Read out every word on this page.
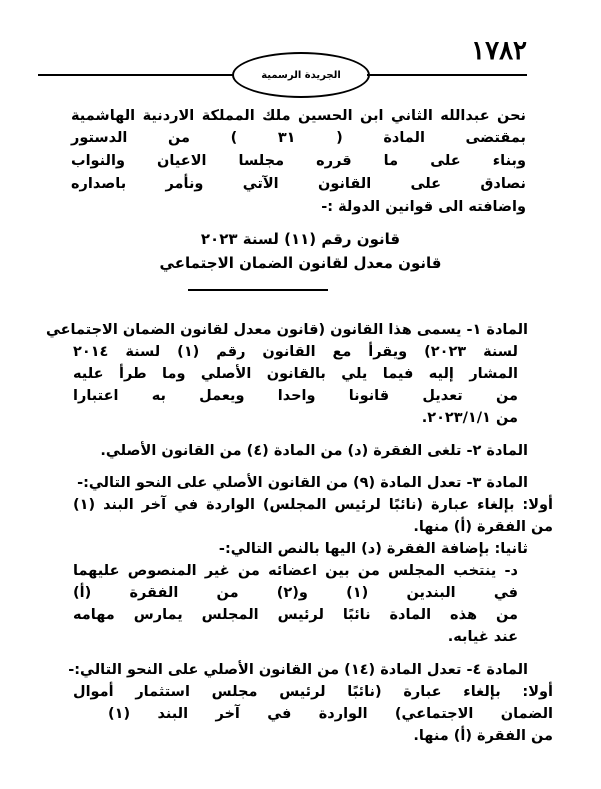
١٧٨٢
الجريدة الرسمية
نحن عبدالله الثاني ابن الحسين ملك المملكة الاردنية الهاشمية
بمقتضى المادة ( ٣١ ) من الدستور
وبناء على ما قرره مجلسا الاعيان والنواب
نصادق على القانون الآتي ونأمر باصداره
واضافته الى قوانين الدولة :-
قانون رقم (١١) لسنة ٢٠٢٣
قانون معدل لقانون الضمان الاجتماعي
المادة ١- يسمى هذا القانون (قانون معدل لقانون الضمان الاجتماعي
لسنة ٢٠٢٣) ويقرأ مع القانون رقم (١) لسنة ٢٠١٤
المشار إليه فيما يلي بالقانون الأصلي وما طرأ عليه
من تعديل قانونا واحدا ويعمل به اعتبارا
من ٢٠٢٣/١/١.
المادة ٢- تلغى الفقرة (د) من المادة (٤) من القانون الأصلي.
المادة ٣- تعدل المادة (٩) من القانون الأصلي على النحو التالي:-
أولا: بإلغاء عبارة (نائبًا لرئيس المجلس) الواردة في آخر البند (١)
من الفقرة (أ) منها.
ثانيا: بإضافة الفقرة (د) اليها بالنص التالي:-
د- ينتخب المجلس من بين اعضائه من غير المنصوص عليهما
في البندين (١) و(٢) من الفقرة (أ)
من هذه المادة نائبًا لرئيس المجلس يمارس مهامه
عند غيابه.
المادة ٤- تعدل المادة (١٤) من القانون الأصلي على النحو التالي:-
أولا: بإلغاء عبارة (نائبًا لرئيس مجلس استثمار أموال
الضمان الاجتماعي) الواردة في آخر البند (١)
من الفقرة (أ) منها.
